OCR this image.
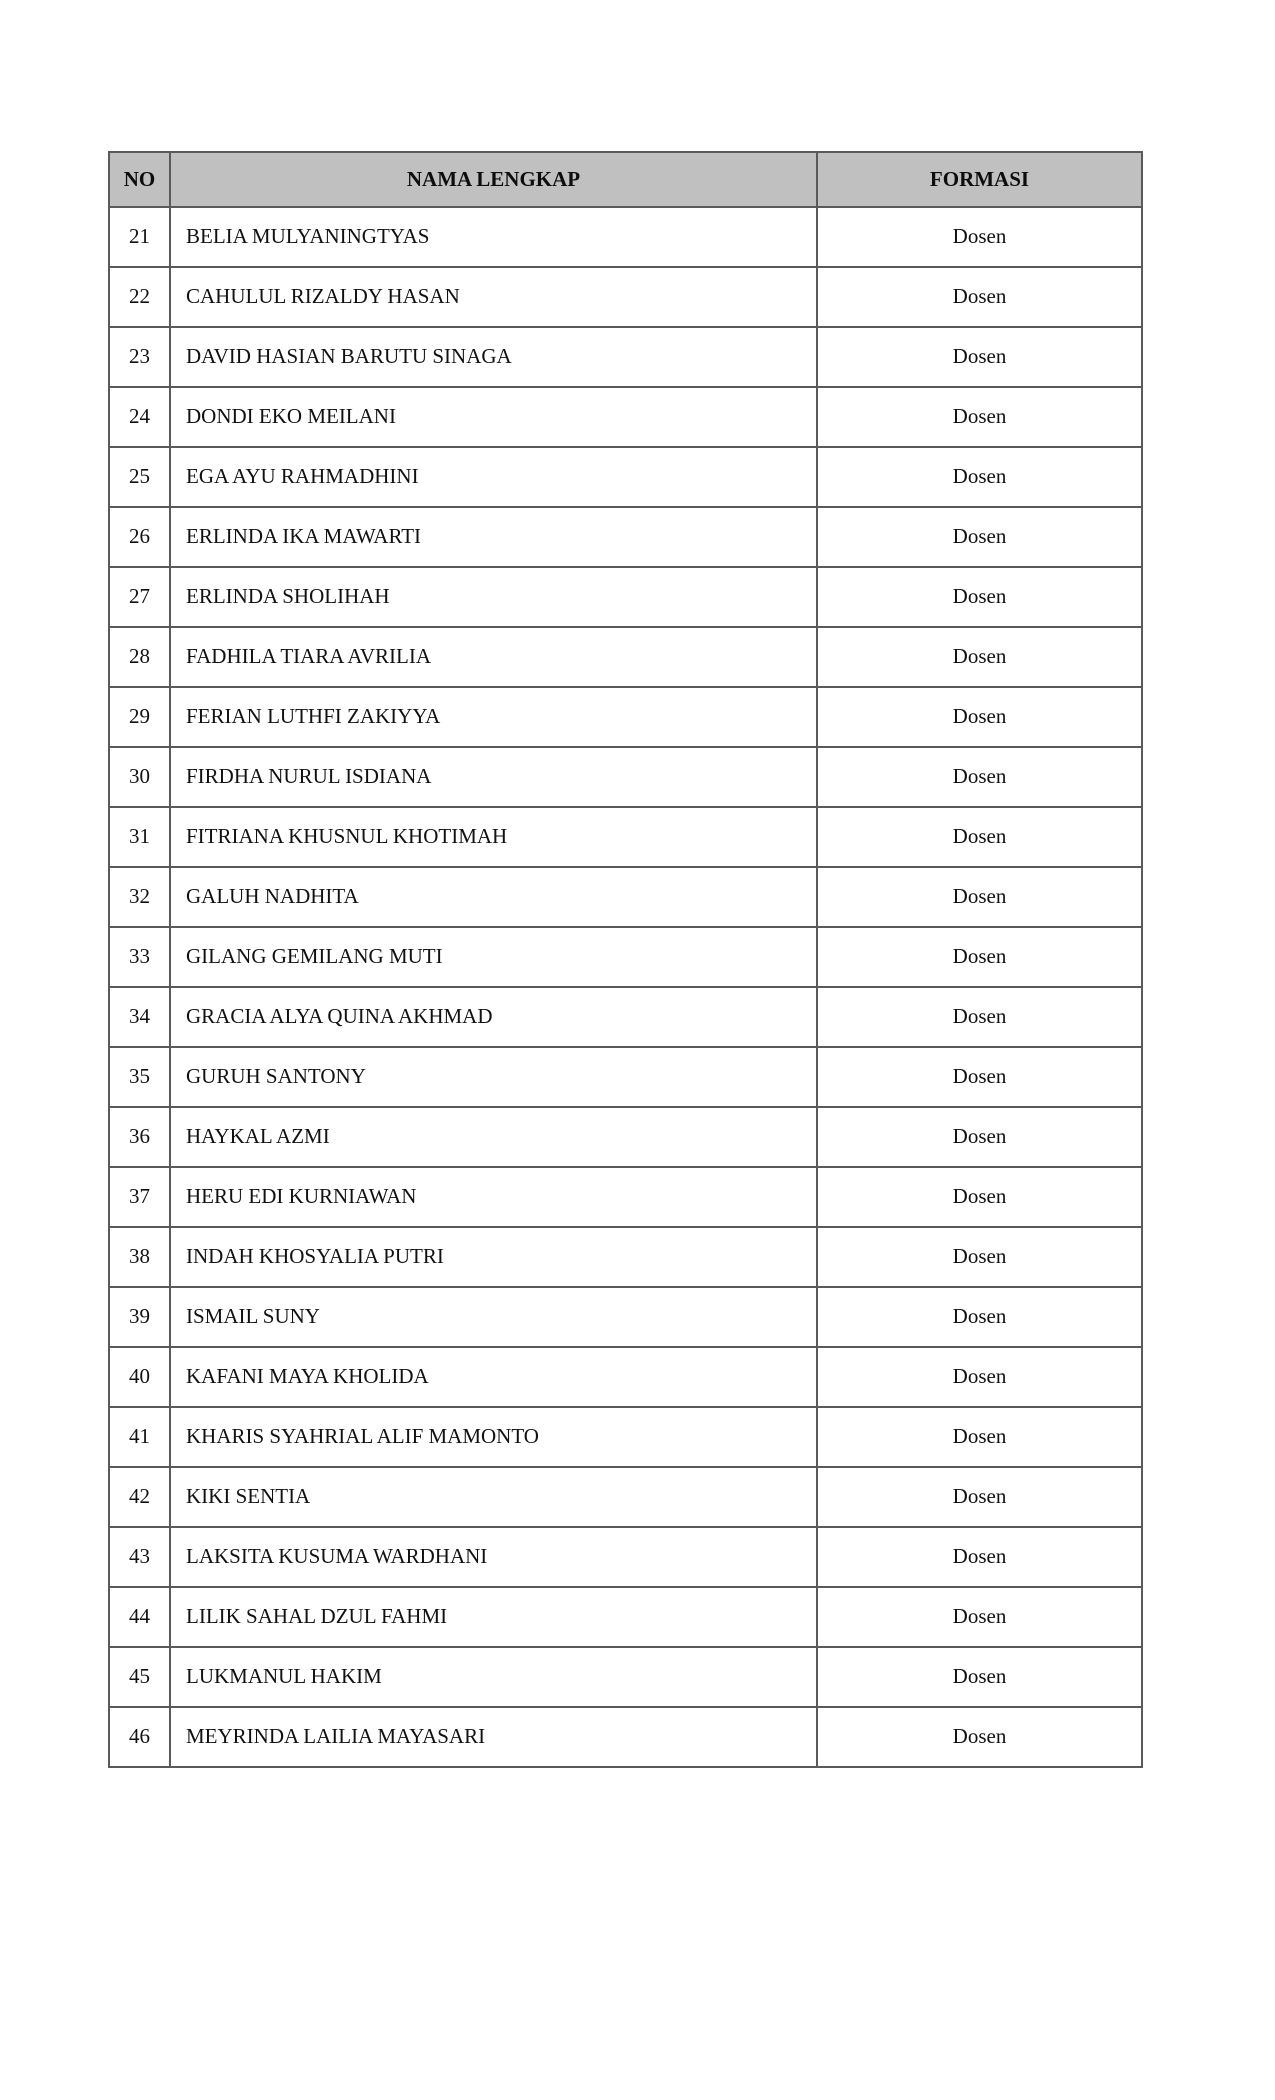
NO	NAMA LENGKAP	FORMASI
21	BELIA MULYANINGTYAS	Dosen
22	CAHULUL RIZALDY HASAN	Dosen
23	DAVID HASIAN BARUTU SINAGA	Dosen
24	DONDI EKO MEILANI	Dosen
25	EGA AYU RAHMADHINI	Dosen
26	ERLINDA IKA MAWARTI	Dosen
27	ERLINDA SHOLIHAH	Dosen
28	FADHILA TIARA AVRILIA	Dosen
29	FERIAN LUTHFI ZAKIYYA	Dosen
30	FIRDHA NURUL ISDIANA	Dosen
31	FITRIANA KHUSNUL KHOTIMAH	Dosen
32	GALUH NADHITA	Dosen
33	GILANG GEMILANG MUTI	Dosen
34	GRACIA ALYA QUINA AKHMAD	Dosen
35	GURUH SANTONY	Dosen
36	HAYKAL AZMI	Dosen
37	HERU EDI KURNIAWAN	Dosen
38	INDAH KHOSYALIA PUTRI	Dosen
39	ISMAIL SUNY	Dosen
40	KAFANI MAYA KHOLIDA	Dosen
41	KHARIS SYAHRIAL ALIF MAMONTO	Dosen
42	KIKI SENTIA	Dosen
43	LAKSITA KUSUMA WARDHANI	Dosen
44	LILIK SAHAL DZUL FAHMI	Dosen
45	LUKMANUL HAKIM	Dosen
46	MEYRINDA LAILIA MAYASARI	Dosen
